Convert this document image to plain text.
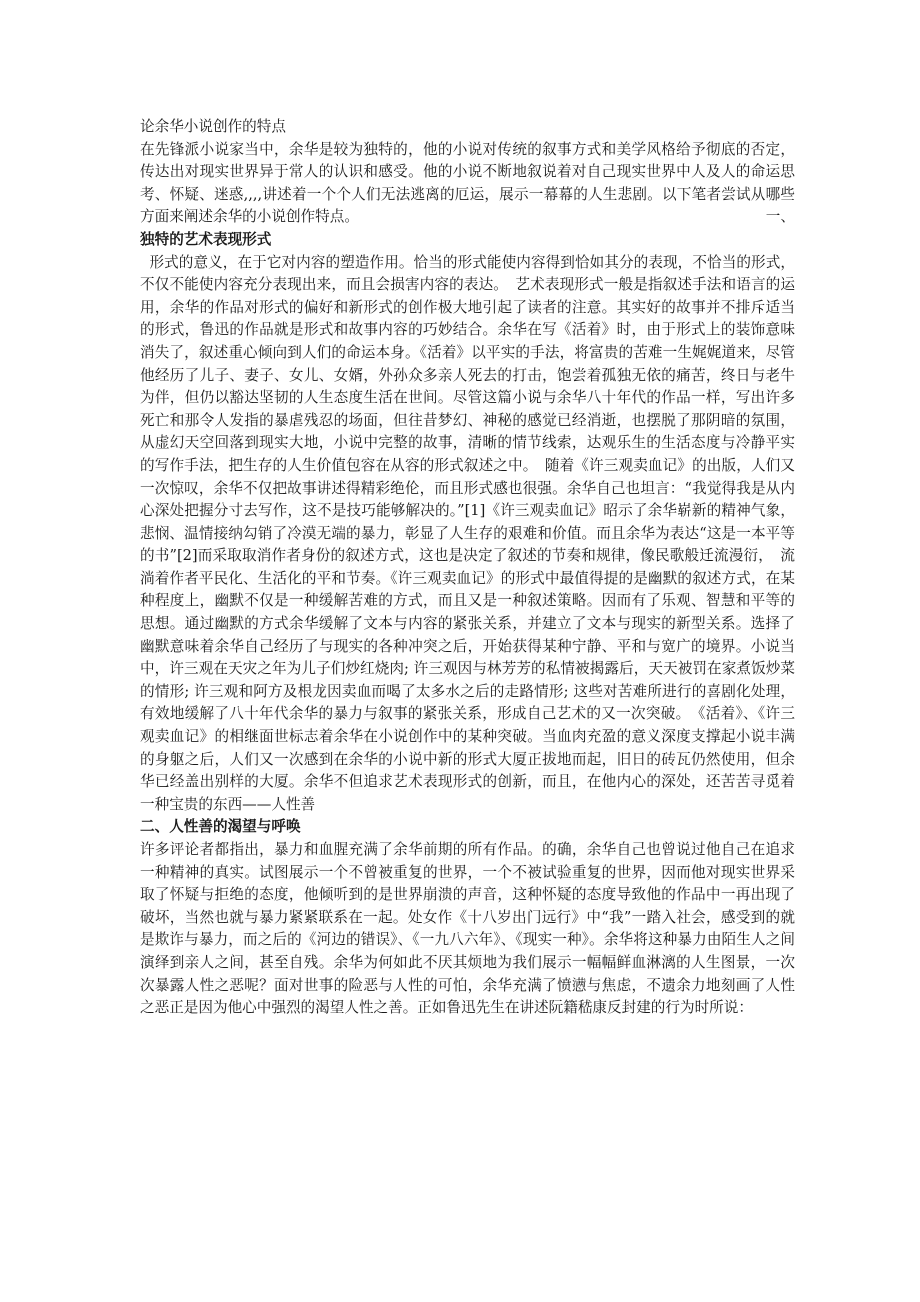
论余华小说创作的特点

在先锋派小说家当中，余华是较为独特的，他的小说对传统的叙事方式和美学风格给予彻底的否定，传达出对现实世界异于常人的认识和感受。他的小说不断地叙说着对自己现实世界中人及人的命运思考、怀疑、迷惑,,,,讲述着一个个人们无法逃离的厄运，展示一幕幕的人生悲剧。以下笔者尝试从哪些方面来阐述余华的小说创作特点。	一、

独特的艺术表现形式

形式的意义，在于它对内容的塑造作用。恰当的形式能使内容得到恰如其分的表现，不恰当的形式，不仅不能使内容充分表现出来，而且会损害内容的表达。　艺术表现形式一般是指叙述手法和语言的运用，余华的作品对形式的偏好和新形式的创作极大地引起了读者的注意。其实好的故事并不排斥适当的形式，鲁迅的作品就是形式和故事内容的巧妙结合。余华在写《活着》时，由于形式上的装饰意味消失了，叙述重心倾向到人们的命运本身。《活着》以平实的手法，将富贵的苦难一生娓娓道来，尽管他经历了儿子、妻子、女儿、女婿，外孙众多亲人死去的打击，饱尝着孤独无依的痛苦，终日与老牛为伴，但仍以豁达坚韧的人生态度生活在世间。尽管这篇小说与余华八十年代的作品一样，写出许多死亡和那令人发指的暴虐残忍的场面，但往昔梦幻、神秘的感觉已经消逝，也摆脱了那阴暗的氛围，从虚幻天空回落到现实大地，小说中完整的故事，清晰的情节线索，达观乐生的生活态度与冷静平实的写作手法，把生存的人生价值包容在从容的形式叙述之中。　随着《许三观卖血记》的出版，人们又一次惊叹，余华不仅把故事讲述得精彩绝伦，而且形式感也很强。余华自己也坦言：“我觉得我是从内心深处把握分寸去写作，这不是技巧能够解决的。”[1]《许三观卖血记》昭示了余华崭新的精神气象，悲悯、温情接纳勾销了冷漠无端的暴力，彰显了人生存的艰难和价值。而且余华为表达“这是一本平等的书”[2]而采取取消作者身份的叙述方式，这也是决定了叙述的节奏和规律，像民歌般迁流漫衍，　流淌着作者平民化、生活化的平和节奏。《许三观卖血记》的形式中最值得提的是幽默的叙述方式，在某种程度上，幽默不仅是一种缓解苦难的方式，而且又是一种叙述策略。因而有了乐观、智慧和平等的思想。通过幽默的方式余华缓解了文本与内容的紧张关系，并建立了文本与现实的新型关系。选择了幽默意味着余华自己经历了与现实的各种冲突之后，开始获得某种宁静、平和与宽广的境界。小说当中，许三观在天灾之年为儿子们炒红烧肉; 许三观因与林芳芳的私情被揭露后，天天被罚在家煮饭炒菜的情形; 许三观和阿方及根龙因卖血而喝了太多水之后的走路情形; 这些对苦难所进行的喜剧化处理，有效地缓解了八十年代余华的暴力与叙事的紧张关系，形成自己艺术的又一次突破。　《活着》、《许三观卖血记》的相继面世标志着余华在小说创作中的某种突破。当血肉充盈的意义深度支撑起小说丰满的身躯之后，人们又一次感到在余华的小说中新的形式大厦正拔地而起，旧日的砖瓦仍然使用，但余华已经盖出别样的大厦。余华不但追求艺术表现形式的创新，而且，在他内心的深处，还苦苦寻觅着一种宝贵的东西——人性善

二、人性善的渴望与呼唤

许多评论者都指出，暴力和血腥充满了余华前期的所有作品。的确，余华自己也曾说过他自己在追求一种精神的真实。试图展示一个不曾被重复的世界，一个不被试验重复的世界，因而他对现实世界采取了怀疑与拒绝的态度，他倾听到的是世界崩溃的声音，这种怀疑的态度导致他的作品中一再出现了破坏，当然也就与暴力紧紧联系在一起。处女作《十八岁出门远行》中“我”一踏入社会，感受到的就是欺诈与暴力，而之后的《河边的错误》、《一九八六年》、《现实一种》。余华将这种暴力由陌生人之间演绎到亲人之间，甚至自残。余华为何如此不厌其烦地为我们展示一幅幅鲜血淋漓的人生图景，一次次暴露人性之恶呢？面对世事的险恶与人性的可怕，余华充满了愤懑与焦虑，不遗余力地刻画了人性之恶正是因为他心中强烈的渴望人性之善。正如鲁迅先生在讲述阮籍嵇康反封建的行为时所说：
